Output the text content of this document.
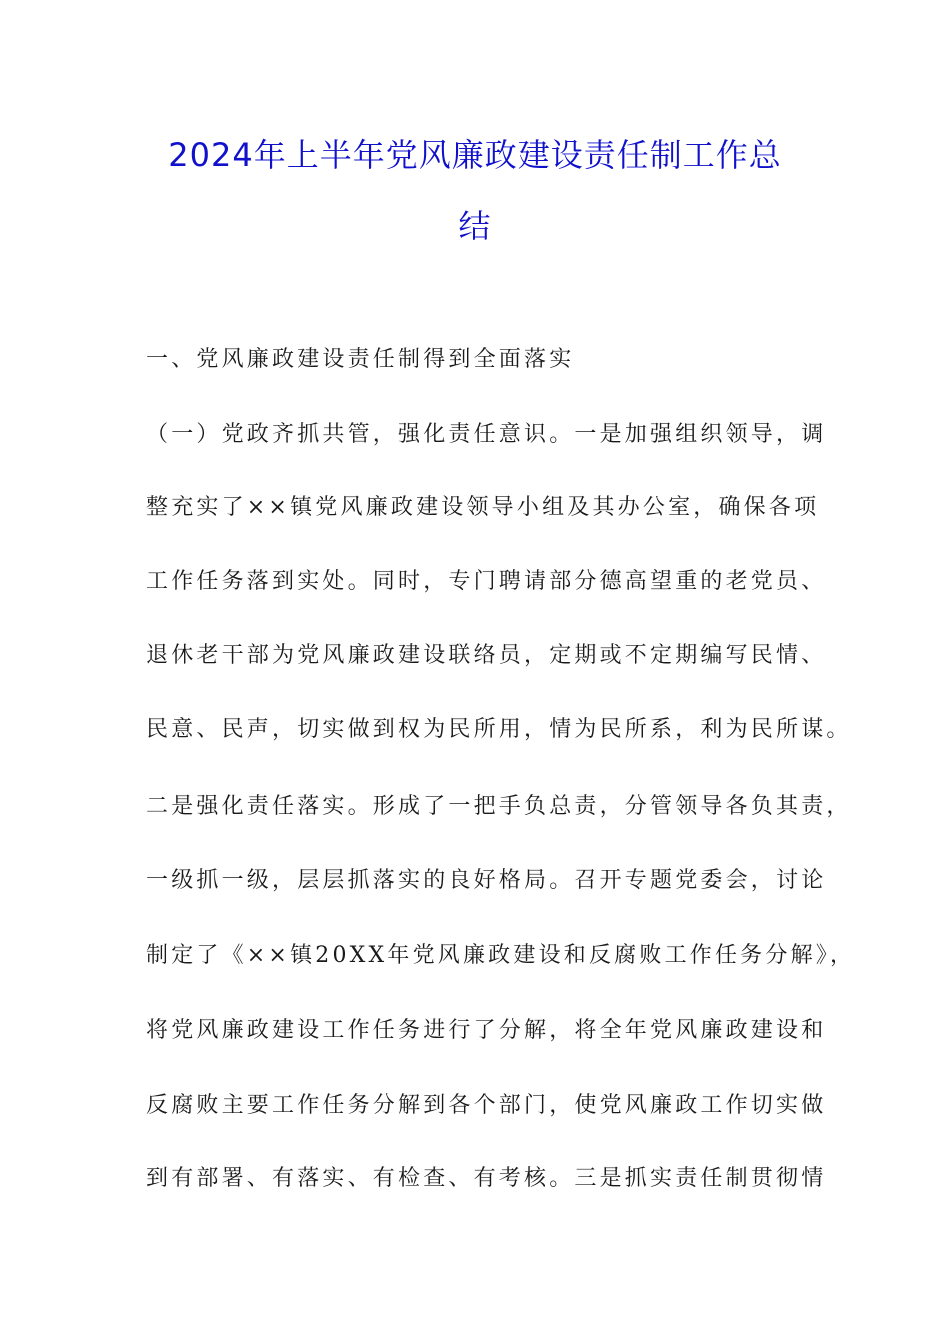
2024年上半年党风廉政建设责任制工作总
结

一、党风廉政建设责任制得到全面落实

（一）党政齐抓共管，强化责任意识。一是加强组织领导，调

整充实了××镇党风廉政建设领导小组及其办公室，确保各项

工作任务落到实处。同时，专门聘请部分德高望重的老党员、

退休老干部为党风廉政建设联络员，定期或不定期编写民情、

民意、民声，切实做到权为民所用，情为民所系，利为民所谋。

二是强化责任落实。形成了一把手负总责，分管领导各负其责，

一级抓一级，层层抓落实的良好格局。召开专题党委会，讨论

制定了《××镇20XX年党风廉政建设和反腐败工作任务分解》，

将党风廉政建设工作任务进行了分解，将全年党风廉政建设和

反腐败主要工作任务分解到各个部门，使党风廉政工作切实做

到有部署、有落实、有检查、有考核。三是抓实责任制贯彻情
